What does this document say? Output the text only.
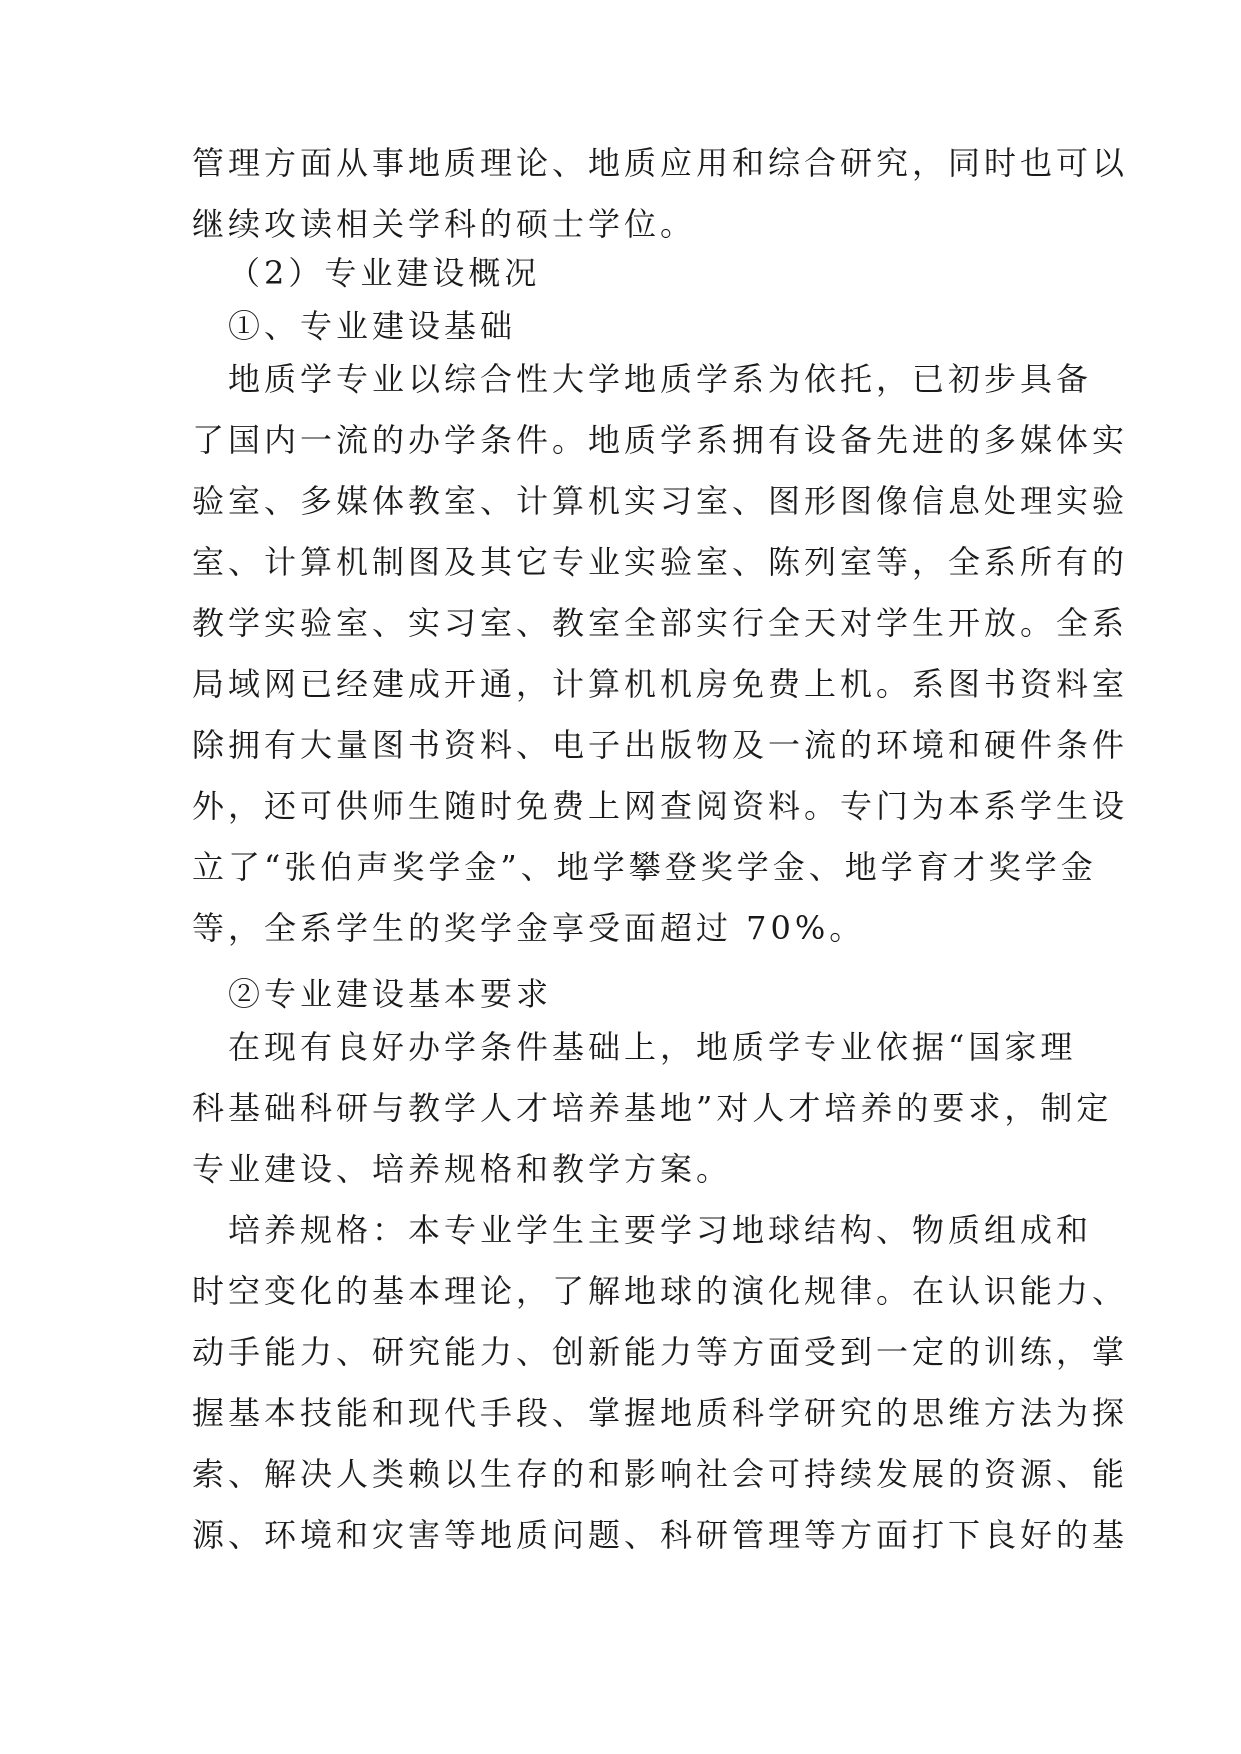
管理方面从事地质理论、地质应用和综合研究，同时也可以
继续攻读相关学科的硕士学位。
（2）专业建设概况
①、专业建设基础
地质学专业以综合性大学地质学系为依托，已初步具备
了国内一流的办学条件。地质学系拥有设备先进的多媒体实
验室、多媒体教室、计算机实习室、图形图像信息处理实验
室、计算机制图及其它专业实验室、陈列室等，全系所有的
教学实验室、实习室、教室全部实行全天对学生开放。全系
局域网已经建成开通，计算机机房免费上机。系图书资料室
除拥有大量图书资料、电子出版物及一流的环境和硬件条件
外，还可供师生随时免费上网查阅资料。专门为本系学生设
立了“张伯声奖学金”、地学攀登奖学金、地学育才奖学金
等，全系学生的奖学金享受面超过 70%。
②专业建设基本要求
在现有良好办学条件基础上，地质学专业依据“国家理
科基础科研与教学人才培养基地”对人才培养的要求，制定
专业建设、培养规格和教学方案。
培养规格：本专业学生主要学习地球结构、物质组成和
时空变化的基本理论，了解地球的演化规律。在认识能力、
动手能力、研究能力、创新能力等方面受到一定的训练，掌
握基本技能和现代手段、掌握地质科学研究的思维方法为探
索、解决人类赖以生存的和影响社会可持续发展的资源、能
源、环境和灾害等地质问题、科研管理等方面打下良好的基
